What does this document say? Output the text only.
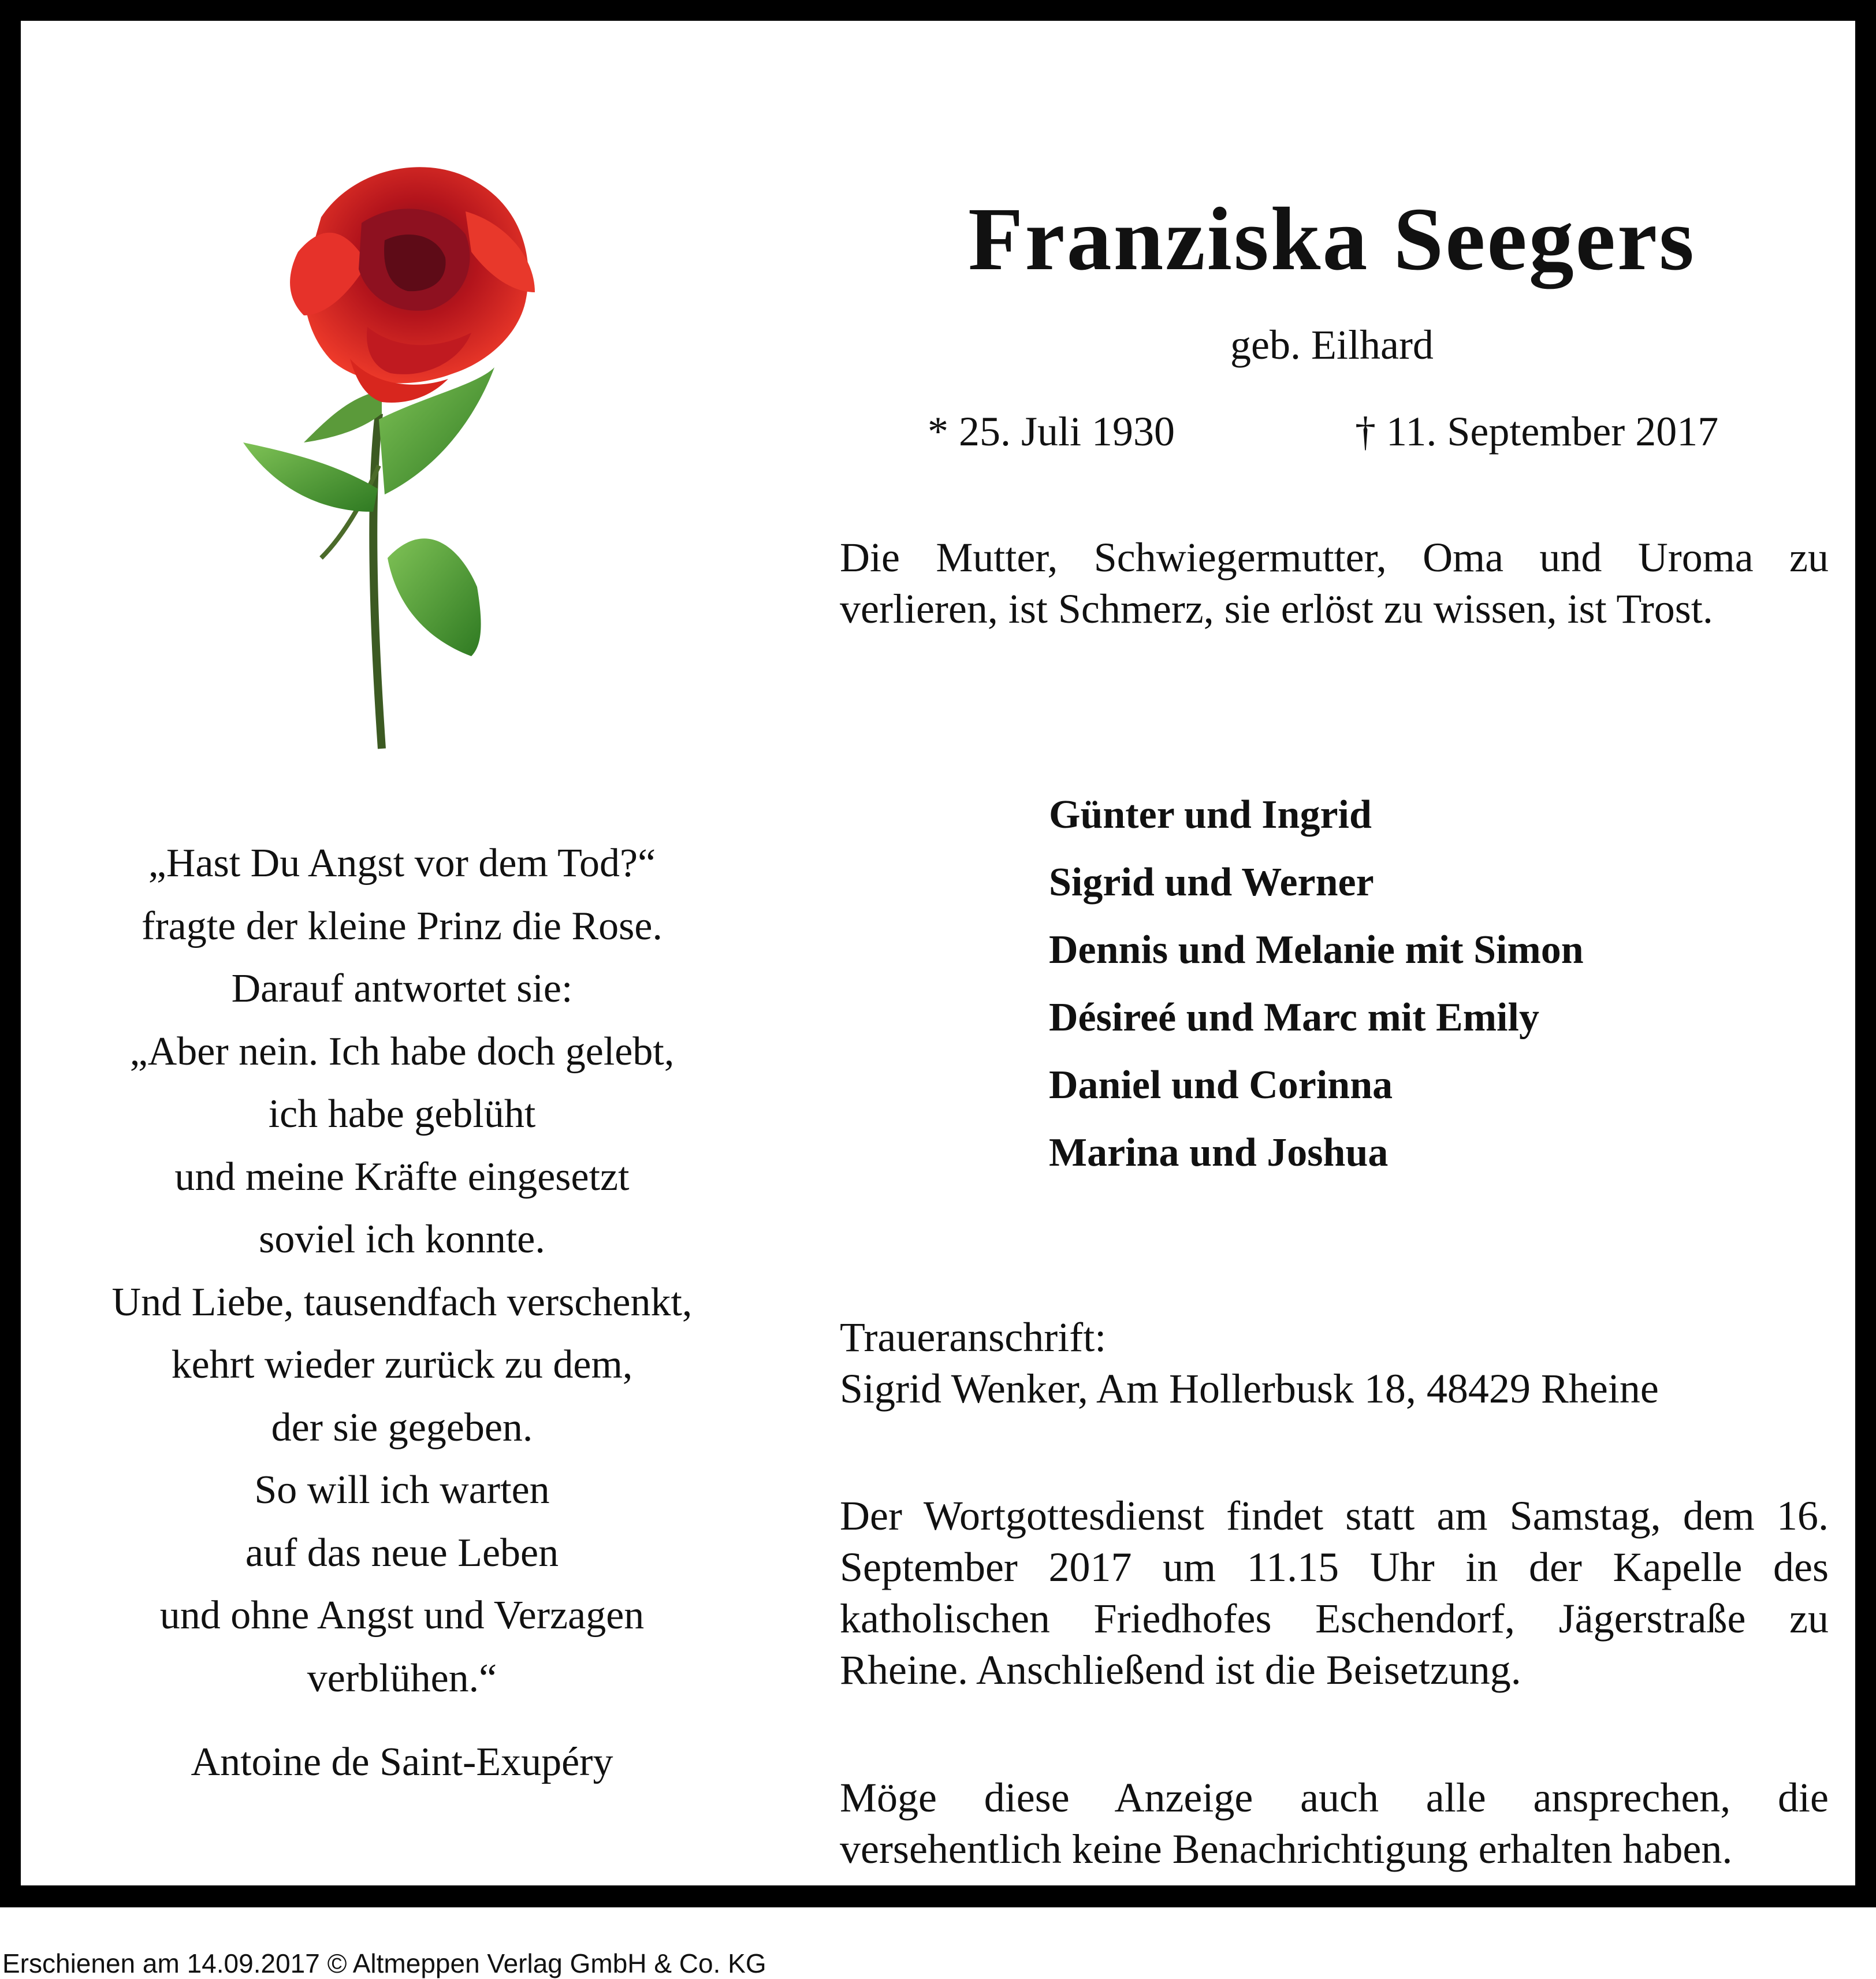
Franziska Seegers
geb. Eilhard
* 25. Juli 1930	† 11. September 2017
Die Mutter, Schwiegermutter, Oma und Uroma zu verlieren, ist Schmerz, sie erlöst zu wissen, ist Trost.
Günter und Ingrid
Sigrid und Werner
Dennis und Melanie mit Simon
Désireé und Marc mit Emily
Daniel und Corinna
Marina und Joshua
„Hast Du Angst vor dem Tod?“
fragte der kleine Prinz die Rose.
Darauf antwortet sie:
„Aber nein. Ich habe doch gelebt,
ich habe geblüht
und meine Kräfte eingesetzt
soviel ich konnte.
Und Liebe, tausendfach verschenkt,
kehrt wieder zurück zu dem,
der sie gegeben.
So will ich warten
auf das neue Leben
und ohne Angst und Verzagen
verblühen.“
Antoine de Saint-Exupéry
Traueranschrift:
Sigrid Wenker, Am Hollerbusk 18, 48429 Rheine
Der Wortgottesdienst findet statt am Samstag, dem 16. September 2017 um 11.15 Uhr in der Kapelle des katholischen Friedhofes Eschendorf, Jägerstraße zu Rheine. Anschließend ist die Beisetzung.
Möge diese Anzeige auch alle ansprechen, die versehentlich keine Benachrichtigung erhalten haben.
Erschienen am 14.09.2017 © Altmeppen Verlag GmbH & Co. KG
